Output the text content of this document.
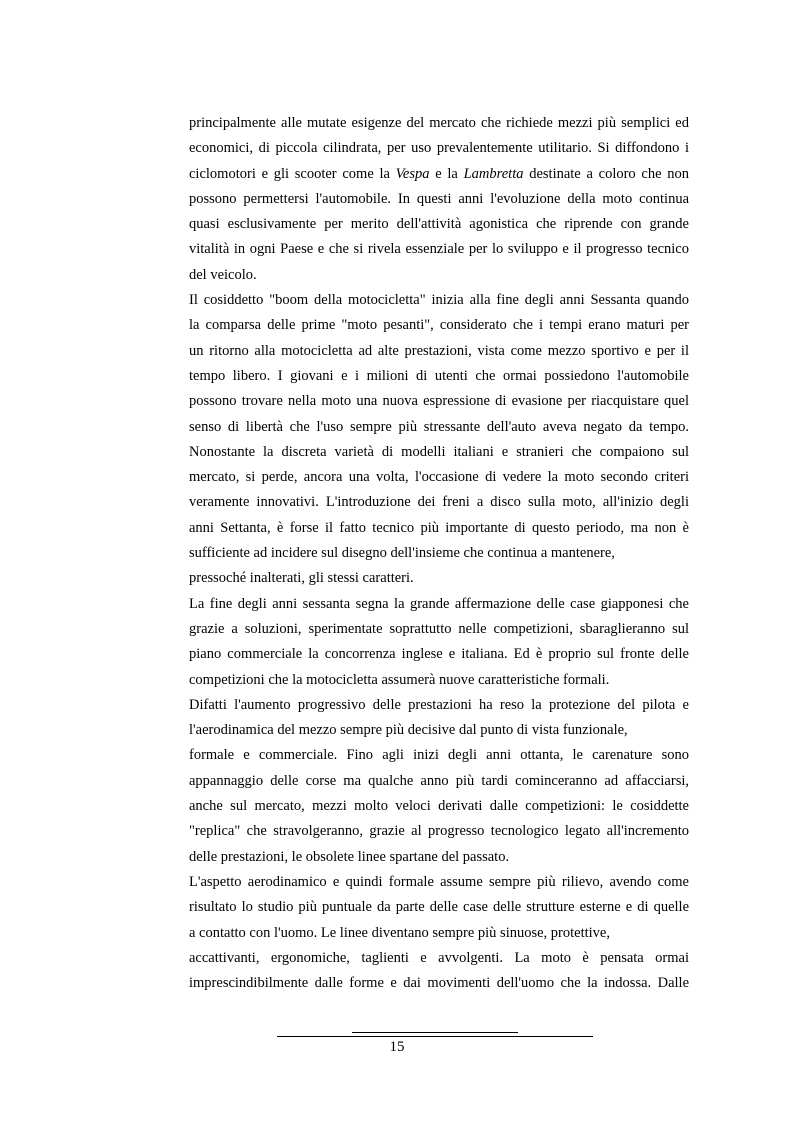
principalmente alle mutate esigenze del mercato che richiede mezzi più semplici ed
economici, di piccola cilindrata, per uso prevalentemente utilitario. Si diffondono i
ciclomotori e gli scooter come la Vespa e la Lambretta destinate a coloro che non
possono permettersi l'automobile. In questi anni l'evoluzione della moto continua
quasi esclusivamente per merito dell'attività agonistica che riprende con grande
vitalità in ogni Paese e che si rivela essenziale per lo sviluppo e il progresso tecnico
del veicolo.
Il cosiddetto "boom della motocicletta" inizia alla fine degli anni Sessanta quando
la comparsa delle prime "moto pesanti", considerato che i tempi erano maturi per
un ritorno alla motocicletta ad alte prestazioni, vista come mezzo sportivo e per il
tempo libero. I giovani e i milioni di utenti che ormai possiedono l'automobile
possono trovare nella moto una nuova espressione di evasione per riacquistare quel
senso di libertà che l'uso sempre più stressante dell'auto aveva negato da tempo.
Nonostante la discreta varietà di modelli italiani e stranieri che compaiono sul
mercato, si perde, ancora una volta, l'occasione di vedere la moto secondo criteri
veramente innovativi. L'introduzione dei freni a disco sulla moto, all'inizio degli
anni Settanta, è forse il fatto tecnico più importante di questo periodo, ma non è
sufficiente ad incidere sul disegno dell'insieme che continua a mantenere,
pressoché inalterati, gli stessi caratteri.
La fine degli anni sessanta segna la grande affermazione delle case giapponesi che
grazie a soluzioni, sperimentate soprattutto nelle competizioni, sbaraglieranno sul
piano commerciale la concorrenza inglese e italiana. Ed è proprio sul fronte delle
competizioni che la motocicletta assumerà nuove caratteristiche formali.
Difatti l'aumento progressivo delle prestazioni ha reso la protezione del pilota e
l'aerodinamica del mezzo sempre più decisive dal punto di vista funzionale,
formale e commerciale. Fino agli inizi degli anni ottanta, le carenature sono
appannaggio delle corse ma qualche anno più tardi cominceranno ad affacciarsi,
anche sul mercato, mezzi molto veloci derivati dalle competizioni: le cosiddette
"replica" che stravolgeranno, grazie al progresso tecnologico legato all'incremento
delle prestazioni, le obsolete linee spartane del passato.
L'aspetto aerodinamico e quindi formale assume sempre più rilievo, avendo come
risultato lo studio più puntuale da parte delle case delle strutture esterne e di quelle
a contatto con l'uomo. Le linee diventano sempre più sinuose, protettive,
accattivanti, ergonomiche, taglienti e avvolgenti. La moto è pensata ormai
imprescindibilmente dalle forme e dai movimenti dell'uomo che la indossa. Dalle
15
